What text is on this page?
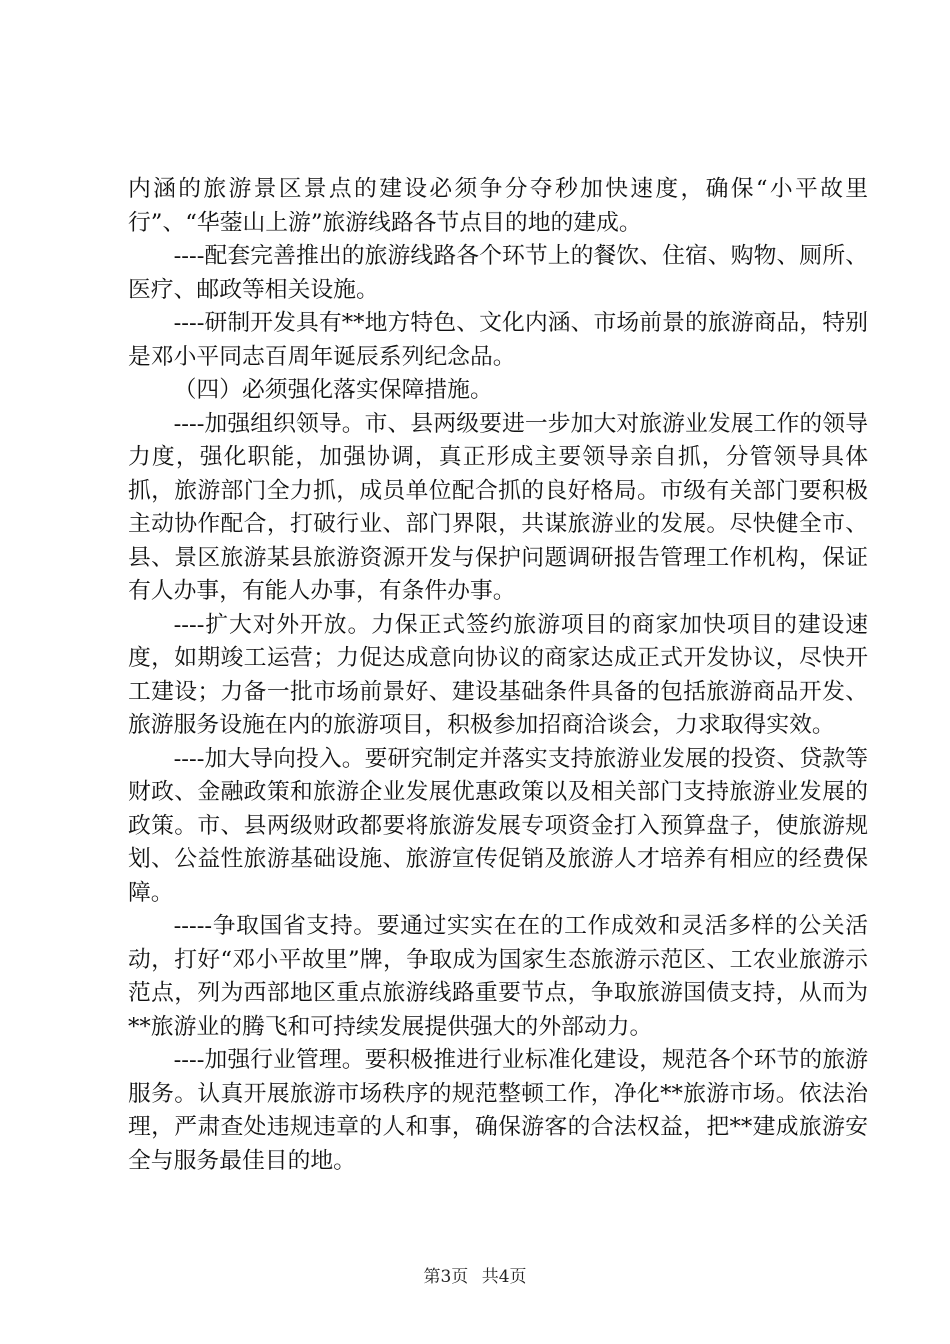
内涵的旅游景区景点的建设必须争分夺秒加快速度，确保“小平故里行”、“华蓥山上游”旅游线路各节点目的地的建成。

----配套完善推出的旅游线路各个环节上的餐饮、住宿、购物、厕所、医疗、邮政等相关设施。

----研制开发具有**地方特色、文化内涵、市场前景的旅游商品，特别是邓小平同志百周年诞辰系列纪念品。

（四）必须强化落实保障措施。

----加强组织领导。市、县两级要进一步加大对旅游业发展工作的领导力度，强化职能，加强协调，真正形成主要领导亲自抓，分管领导具体抓，旅游部门全力抓，成员单位配合抓的良好格局。市级有关部门要积极主动协作配合，打破行业、部门界限，共谋旅游业的发展。尽快健全市、县、景区旅游某县旅游资源开发与保护问题调研报告管理工作机构，保证有人办事，有能人办事，有条件办事。

----扩大对外开放。力保正式签约旅游项目的商家加快项目的建设速度，如期竣工运营；力促达成意向协议的商家达成正式开发协议，尽快开工建设；力备一批市场前景好、建设基础条件具备的包括旅游商品开发、旅游服务设施在内的旅游项目，积极参加招商洽谈会，力求取得实效。

----加大导向投入。要研究制定并落实支持旅游业发展的投资、贷款等财政、金融政策和旅游企业发展优惠政策以及相关部门支持旅游业发展的政策。市、县两级财政都要将旅游发展专项资金打入预算盘子，使旅游规划、公益性旅游基础设施、旅游宣传促销及旅游人才培养有相应的经费保障。

-----争取国省支持。要通过实实在在的工作成效和灵活多样的公关活动，打好“邓小平故里”牌，争取成为国家生态旅游示范区、工农业旅游示范点，列为西部地区重点旅游线路重要节点，争取旅游国债支持，从而为**旅游业的腾飞和可持续发展提供强大的外部动力。

----加强行业管理。要积极推进行业标准化建设，规范各个环节的旅游服务。认真开展旅游市场秩序的规范整顿工作，净化**旅游市场。依法治理，严肃查处违规违章的人和事，确保游客的合法权益，把**建成旅游安全与服务最佳目的地。

第3页 共4页
